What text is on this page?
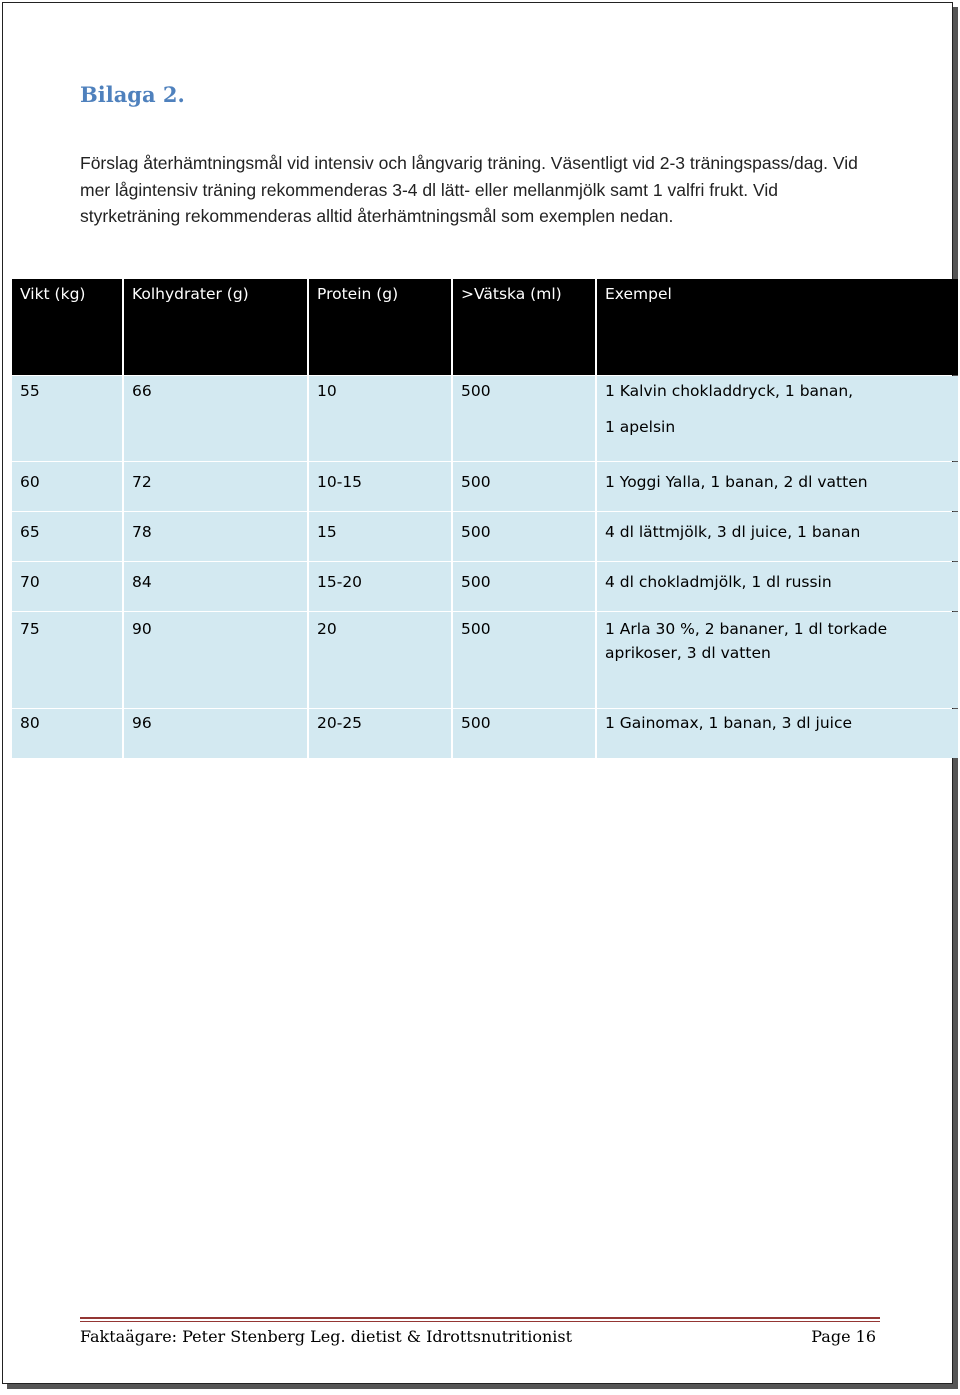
Bilaga 2.

Förslag återhämtningsmål vid intensiv och långvarig träning. Väsentligt vid 2-3 träningspass/dag. Vid mer lågintensiv träning rekommenderas 3-4 dl lätt- eller mellanmjölk samt 1 valfri frukt. Vid styrketräning rekommenderas alltid återhämtningsmål som exemplen nedan.

Vikt (kg)	Kolhydrater (g)	Protein (g)	>Vätska (ml)	Exempel
55	66	10	500	1 Kalvin chokladdryck, 1 banan,
1 apelsin

60	72	10-15	500	1 Yoggi Yalla, 1 banan, 2 dl vatten
65	78	15	500	4 dl lättmjölk, 3 dl juice, 1 banan
70	84	15-20	500	4 dl chokladmjölk, 1 dl russin
75	90	20	500	1 Arla 30 %, 2 bananer, 1 dl torkade aprikoser, 3 dl vatten
80	96	20-25	500	1 Gainomax, 1 banan, 3 dl juice
Faktaägare: Peter Stenberg Leg. dietist & Idrottsnutritionist	Page 16
